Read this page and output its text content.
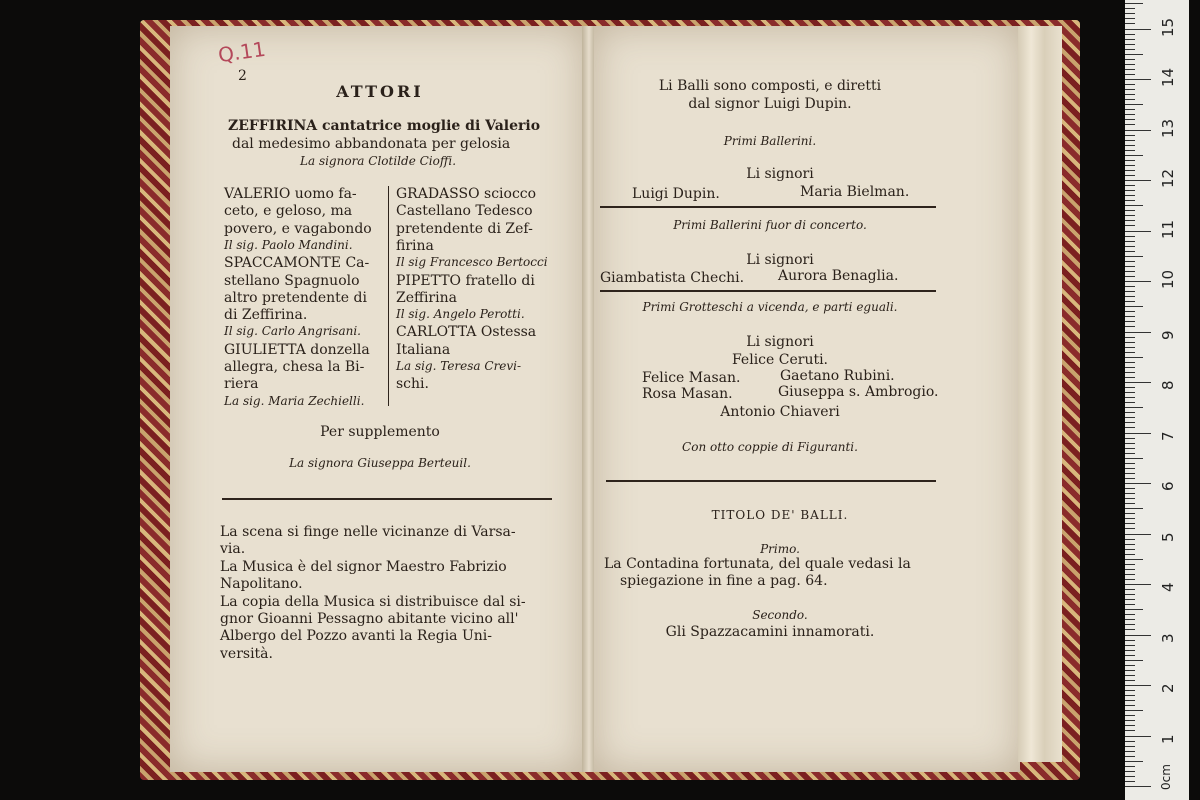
Q.11
2
ATTORI
ZEFFIRINA cantatrice moglie di Valerio
dal medesimo abbandonata per gelosia
La signora Clotilde Cioffi.
VALERIO uomo fa-
ceto, e geloso, ma
povero, e vagabondo
Il sig. Paolo Mandini.
SPACCAMONTE Ca-
stellano Spagnuolo
altro pretendente di
di Zeffirina.
Il sig. Carlo Angrisani.
GIULIETTA donzella
allegra, chesa la Bi-
riera
La sig. Maria Zechielli.
GRADASSO sciocco
Castellano Tedesco
pretendente di Zef-
firina
Il sig Francesco Bertocci
PIPETTO fratello di
Zeffirina
Il sig. Angelo Perotti.
CARLOTTA Ostessa
Italiana
La sig. Teresa Crevi-
schi.
Per supplemento
La signora Giuseppa Berteuil.
La scena si finge nelle vicinanze di Varsa-
via.
La Musica è del signor Maestro Fabrizio
Napolitano.
La copia della Musica si distribuisce dal si-
gnor Gioanni Pessagno abitante vicino all'
Albergo del Pozzo avanti la Regia Uni-
versità.
Li Balli sono composti, e diretti
dal signor Luigi Dupin.
Primi Ballerini.
Li signori
Luigi Dupin.	Maria Bielman.
Primi Ballerini fuor di concerto.
Li signori
Giambatista Chechi. Aurora Benaglia.
Primi Grotteschi a vicenda, e parti eguali.
Li signori
Felice Ceruti.
Felice Masan.	Gaetano Rubini.
Rosa Masan.	Giuseppa s. Ambrogio.
Antonio Chiaveri
Con otto coppie di Figuranti.
TITOLO DE' BALLI.
Primo.
La Contadina fortunata, del quale vedasi la
spiegazione in fine a pag. 64.
Secondo.
Gli Spazzacamini innamorati.
0cm
1
2
3
4
5
6
7
8
9
10
11
12
13
14
15
